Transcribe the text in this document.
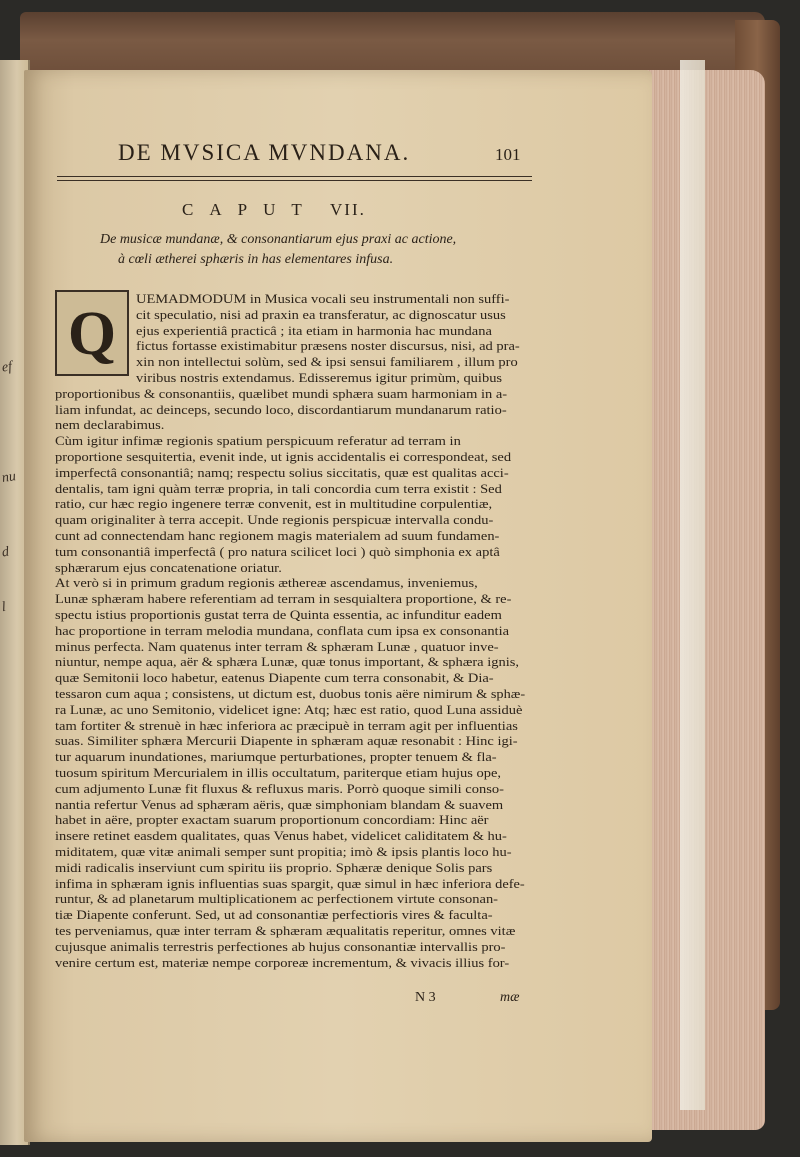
ef
nu
d
l
DE MVSICA MVNDANA.	101
CAPUT VII.
De musicæ mundanæ, & consonantiarum ejus praxi ac actione,
à cœli ætherei sphæris in has elementares infusa.
Q
UEMADMODUM in Musica vocali seu instrumentali non suffi-
cit speculatio, nisi ad praxin ea transferatur, ac dignoscatur usus
ejus experientiâ practicâ ; ita etiam in harmonia hac mundana
fictus fortasse existimabitur præsens noster discursus, nisi, ad pra-
xin non intellectui solùm, sed & ipsi sensui familiarem , illum pro
viribus nostris extendamus. Edisseremus igitur primùm, quibus
proportionibus & consonantiis, quælibet mundi sphæra suam harmoniam in a-
liam infundat, ac deinceps, secundo loco, discordantiarum mundanarum ratio-
nem declarabimus.
Cùm igitur infimæ regionis spatium perspicuum referatur ad terram in
proportione sesquitertia, evenit inde, ut ignis accidentalis ei correspondeat, sed
imperfectâ consonantiâ; namq; respectu solius siccitatis, quæ est qualitas acci-
dentalis, tam igni quàm terræ propria, in tali concordia cum terra existit : Sed
ratio, cur hæc regio ingenere terræ convenit, est in multitudine corpulentiæ,
quam originaliter à terra accepit. Unde regionis perspicuæ intervalla condu-
cunt ad connectendam hanc regionem magis materialem ad suum fundamen-
tum consonantiâ imperfectâ ( pro natura scilicet loci ) quò simphonia ex aptâ
sphærarum ejus concatenatione oriatur.
At verò si in primum gradum regionis æthereæ ascendamus, inveniemus,
Lunæ sphæram habere referentiam ad terram in sesquialtera proportione, & re-
spectu istius proportionis gustat terra de Quinta essentia, ac infunditur eadem
hac proportione in terram melodia mundana, conflata cum ipsa ex consonantia
minus perfecta. Nam quatenus inter terram & sphæram Lunæ , quatuor inve-
niuntur, nempe aqua, aër & sphæra Lunæ, quæ tonus important, & sphæra ignis,
quæ Semitonii loco habetur, eatenus Diapente cum terra consonabit, & Dia-
tessaron cum aqua ; consistens, ut dictum est, duobus tonis aëre nimirum & sphæ-
ra Lunæ, ac uno Semitonio, videlicet igne: Atq; hæc est ratio, quod Luna assiduè
tam fortiter & strenuè in hæc inferiora ac præcipuè in terram agit per influentias
suas. Similiter sphæra Mercurii Diapente in sphæram aquæ resonabit : Hinc igi-
tur aquarum inundationes, mariumque perturbationes, propter tenuem & fla-
tuosum spiritum Mercurialem in illis occultatum, pariterque etiam hujus ope,
cum adjumento Lunæ fit fluxus & refluxus maris. Porrò quoque simili conso-
nantia refertur Venus ad sphæram aëris, quæ simphoniam blandam & suavem
habet in aëre, propter exactam suarum proportionum concordiam: Hinc aër
insere retinet easdem qualitates, quas Venus habet, videlicet caliditatem & hu-
miditatem, quæ vitæ animali semper sunt propitia; imò & ipsis plantis loco hu-
midi radicalis inserviunt cum spiritu iis proprio. Sphæræ denique Solis pars
infima in sphæram ignis influentias suas spargit, quæ simul in hæc inferiora defe-
runtur, & ad planetarum multiplicationem ac perfectionem virtute consonan-
tiæ Diapente conferunt. Sed, ut ad consonantiæ perfectioris vires & faculta-
tes perveniamus, quæ inter terram & sphæram æqualitatis reperitur, omnes vitæ
cujusque animalis terrestris perfectiones ab hujus consonantiæ intervallis pro-
venire certum est, materiæ nempe corporeæ incrementum, & vivacis illius for-
N 3	mæ
